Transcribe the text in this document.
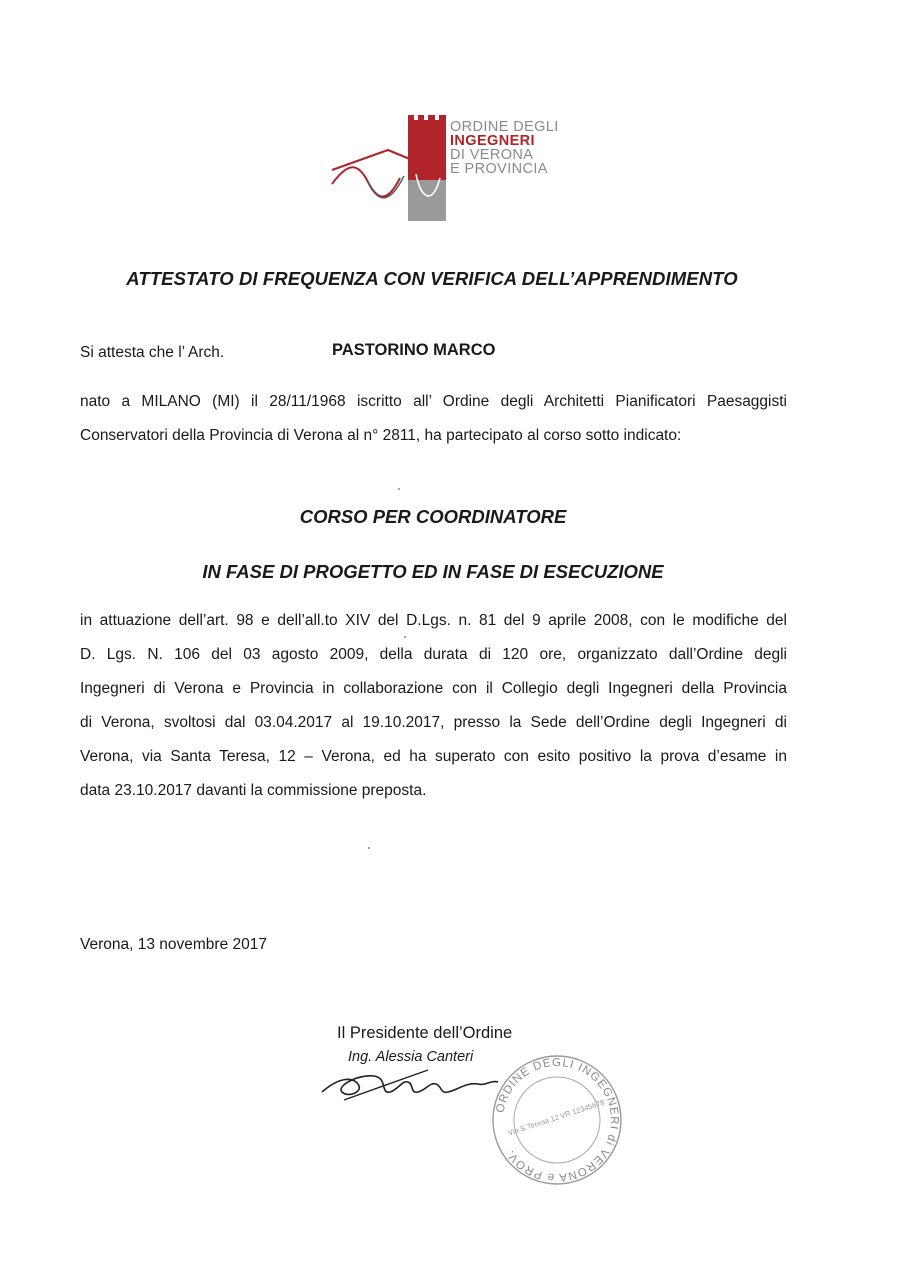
ORDINE DEGLI
INGEGNERI
DI VERONA
E PROVINCIA
ATTESTATO DI FREQUENZA CON VERIFICA DELL’APPRENDIMENTO
Si attesta che l’ Arch.	PASTORINO MARCO
nato a MILANO (MI) il 28/11/1968 iscritto all’ Ordine degli Architetti Pianificatori Paesaggisti
Conservatori della Provincia di Verona al n° 2811, ha partecipato al corso sotto indicato:
CORSO PER COORDINATORE
IN FASE DI PROGETTO ED IN FASE DI ESECUZIONE
in attuazione dell’art. 98 e dell’all.to XIV del D.Lgs. n. 81 del 9 aprile 2008, con le modifiche del
D. Lgs. N. 106 del 03 agosto 2009, della durata di 120 ore, organizzato dall’Ordine degli
Ingegneri di Verona e Provincia in collaborazione con il Collegio degli Ingegneri della Provincia
di Verona, svoltosi dal 03.04.2017 al 19.10.2017, presso la Sede dell’Ordine degli Ingegneri di
Verona, via Santa Teresa, 12 – Verona, ed ha superato con esito positivo la prova d’esame in
data 23.10.2017 davanti la commissione preposta.
Verona, 13 novembre 2017
Il Presidente dell’Ordine
Ing. Alessia Canteri
ORDINE DEGLI INGEGNERI di VERONA e PROV.
Via S.Teresa 12 VR 12345678
